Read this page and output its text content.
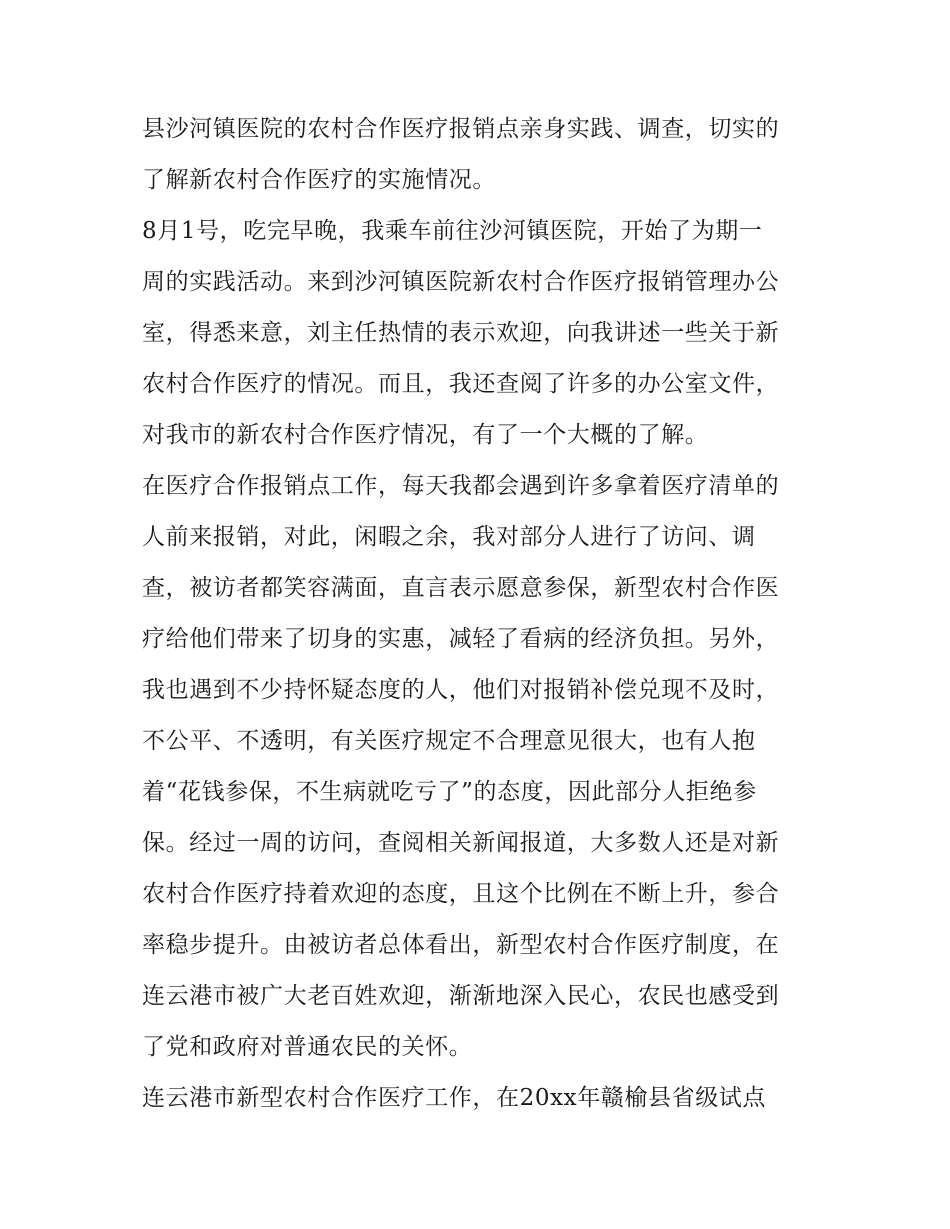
县沙河镇医院的农村合作医疗报销点亲身实践、调查，切实的
了解新农村合作医疗的实施情况。
8月1号，吃完早晚，我乘车前往沙河镇医院，开始了为期一
周的实践活动。来到沙河镇医院新农村合作医疗报销管理办公
室，得悉来意，刘主任热情的表示欢迎，向我讲述一些关于新
农村合作医疗的情况。而且，我还查阅了许多的办公室文件，
对我市的新农村合作医疗情况，有了一个大概的了解。
在医疗合作报销点工作，每天我都会遇到许多拿着医疗清单的
人前来报销，对此，闲暇之余，我对部分人进行了访问、调
查，被访者都笑容满面，直言表示愿意参保，新型农村合作医
疗给他们带来了切身的实惠，减轻了看病的经济负担。另外，
我也遇到不少持怀疑态度的人，他们对报销补偿兑现不及时，
不公平、不透明，有关医疗规定不合理意见很大，也有人抱
着“花钱参保，不生病就吃亏了”的态度，因此部分人拒绝参
保。经过一周的访问，查阅相关新闻报道，大多数人还是对新
农村合作医疗持着欢迎的态度，且这个比例在不断上升，参合
率稳步提升。由被访者总体看出，新型农村合作医疗制度，在
连云港市被广大老百姓欢迎，渐渐地深入民心，农民也感受到
了党和政府对普通农民的关怀。
连云港市新型农村合作医疗工作，在20xx年赣榆县省级试点
